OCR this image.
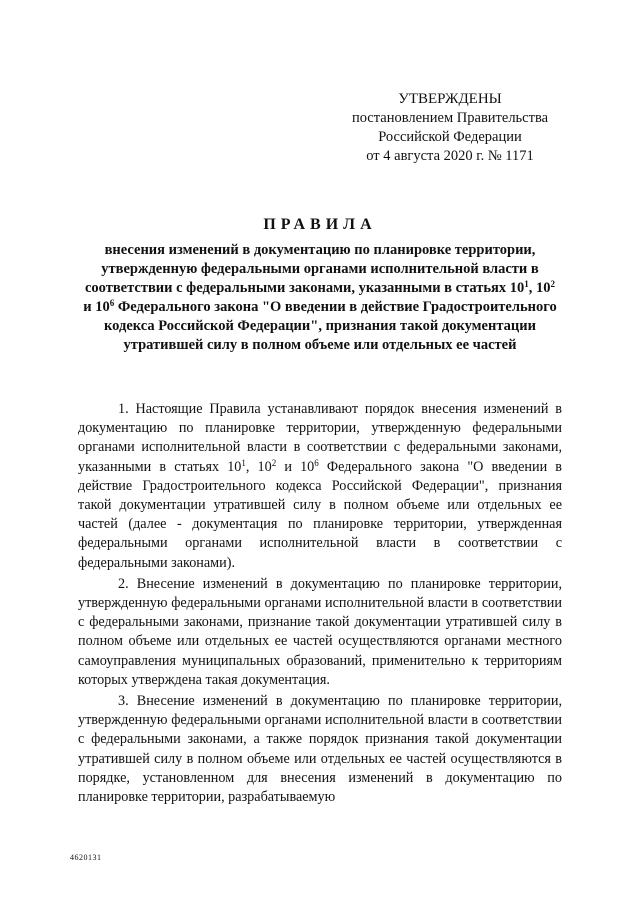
УТВЕРЖДЕНЫ
постановлением Правительства
Российской Федерации
от 4 августа 2020 г. № 1171
ПРАВИЛА
внесения изменений в документацию по планировке территории, утвержденную федеральными органами исполнительной власти в соответствии с федеральными законами, указанными в статьях $10^1$, $10^2$ и $10^6$ Федерального закона "О введении в действие Градостроительного кодекса Российской Федерации", признания такой документации утратившей силу в полном объеме или отдельных ее частей

1. Настоящие Правила устанавливают порядок внесения изменений в документацию по планировке территории, утвержденную федеральными органами исполнительной власти в соответствии с федеральными законами, указанными в статьях $10^1$, $10^2$ и $10^6$ Федерального закона "О введении в действие Градостроительного кодекса Российской Федерации", признания такой документации утратившей силу в полном объеме или отдельных ее частей (далее - документация по планировке территории, утвержденная федеральными органами исполнительной власти в соответствии с федеральными законами).

2. Внесение изменений в документацию по планировке территории, утвержденную федеральными органами исполнительной власти в соответствии с федеральными законами, признание такой документации утратившей силу в полном объеме или отдельных ее частей осуществляются органами местного самоуправления муниципальных образований, применительно к территориям которых утверждена такая документация.

3. Внесение изменений в документацию по планировке территории, утвержденную федеральными органами исполнительной власти в соответствии с федеральными законами, а также порядок признания такой документации утратившей силу в полном объеме или отдельных ее частей осуществляются в порядке, установленном для внесения изменений в документацию по планировке территории, разрабатываемую

4620131
